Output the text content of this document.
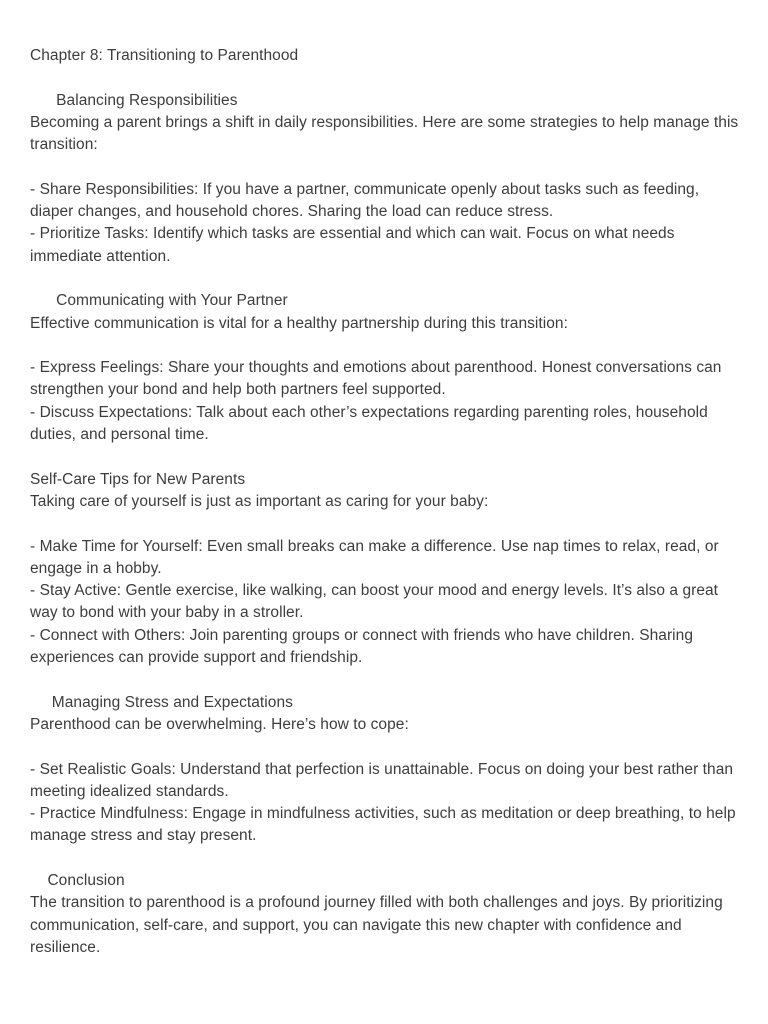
Chapter 8: Transitioning to Parenthood

Balancing Responsibilities

Becoming a parent brings a shift in daily responsibilities. Here are some strategies to help manage this transition:

- Share Responsibilities: If you have a partner, communicate openly about tasks such as feeding, diaper changes, and household chores. Sharing the load can reduce stress.

- Prioritize Tasks: Identify which tasks are essential and which can wait. Focus on what needs immediate attention.

Communicating with Your Partner

Effective communication is vital for a healthy partnership during this transition:

- Express Feelings: Share your thoughts and emotions about parenthood. Honest conversations can strengthen your bond and help both partners feel supported.

- Discuss Expectations: Talk about each other’s expectations regarding parenting roles, household duties, and personal time.

Self-Care Tips for New Parents

Taking care of yourself is just as important as caring for your baby:

- Make Time for Yourself: Even small breaks can make a difference. Use nap times to relax, read, or engage in a hobby.

- Stay Active: Gentle exercise, like walking, can boost your mood and energy levels. It’s also a great way to bond with your baby in a stroller.

- Connect with Others: Join parenting groups or connect with friends who have children. Sharing experiences can provide support and friendship.

Managing Stress and Expectations

Parenthood can be overwhelming. Here’s how to cope:

- Set Realistic Goals: Understand that perfection is unattainable. Focus on doing your best rather than meeting idealized standards.

- Practice Mindfulness: Engage in mindfulness activities, such as meditation or deep breathing, to help manage stress and stay present.

Conclusion

The transition to parenthood is a profound journey filled with both challenges and joys. By prioritizing communication, self-care, and support, you can navigate this new chapter with confidence and resilience.
